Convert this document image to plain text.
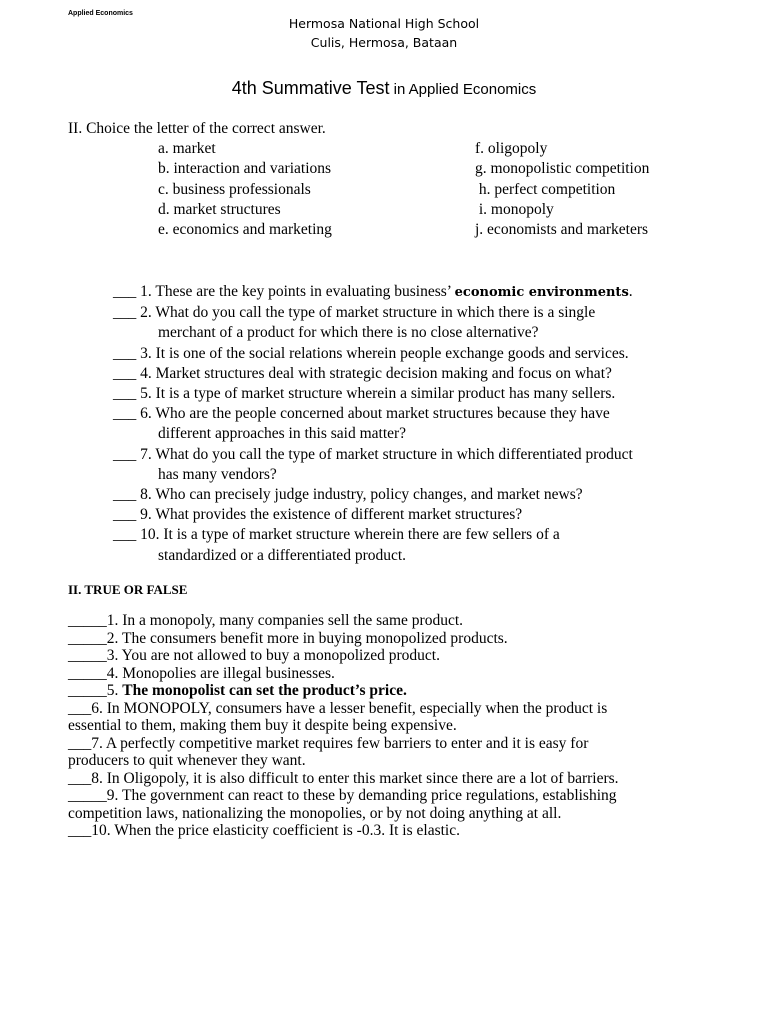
Applied Economics
Hermosa National High School
Culis, Hermosa, Bataan
4th Summative Test in Applied Economics
II. Choice the letter of the correct answer.
a. market
b. interaction and variations
c. business professionals
d. market structures
e. economics and marketing
f. oligopoly
g. monopolistic competition
h. perfect competition
i. monopoly
j. economists and marketers
___ 1. These are the key points in evaluating business’ economic environments.
___ 2. What do you call the type of market structure in which there is a single
merchant of a product for which there is no close alternative?
___ 3. It is one of the social relations wherein people exchange goods and services.
___ 4. Market structures deal with strategic decision making and focus on what?
___ 5. It is a type of market structure wherein a similar product has many sellers.
___ 6. Who are the people concerned about market structures because they have
different approaches in this said matter?
___ 7. What do you call the type of market structure in which differentiated product
has many vendors?
___ 8. Who can precisely judge industry, policy changes, and market news?
___ 9. What provides the existence of different market structures?
___ 10. It is a type of market structure wherein there are few sellers of a
standardized or a differentiated product.
II. TRUE OR FALSE
_____1. In a monopoly, many companies sell the same product.
_____2. The consumers benefit more in buying monopolized products.
_____3. You are not allowed to buy a monopolized product.
_____4. Monopolies are illegal businesses.
_____5. The monopolist can set the product’s price.
___6. In MONOPOLY, consumers have a lesser benefit, especially when the product is
essential to them, making them buy it despite being expensive.
___7. A perfectly competitive market requires few barriers to enter and it is easy for
producers to quit whenever they want.
___8. In Oligopoly, it is also difficult to enter this market since there are a lot of barriers.
_____9. The government can react to these by demanding price regulations, establishing
competition laws, nationalizing the monopolies, or by not doing anything at all.
___10. When the price elasticity coefficient is -0.3. It is elastic.
